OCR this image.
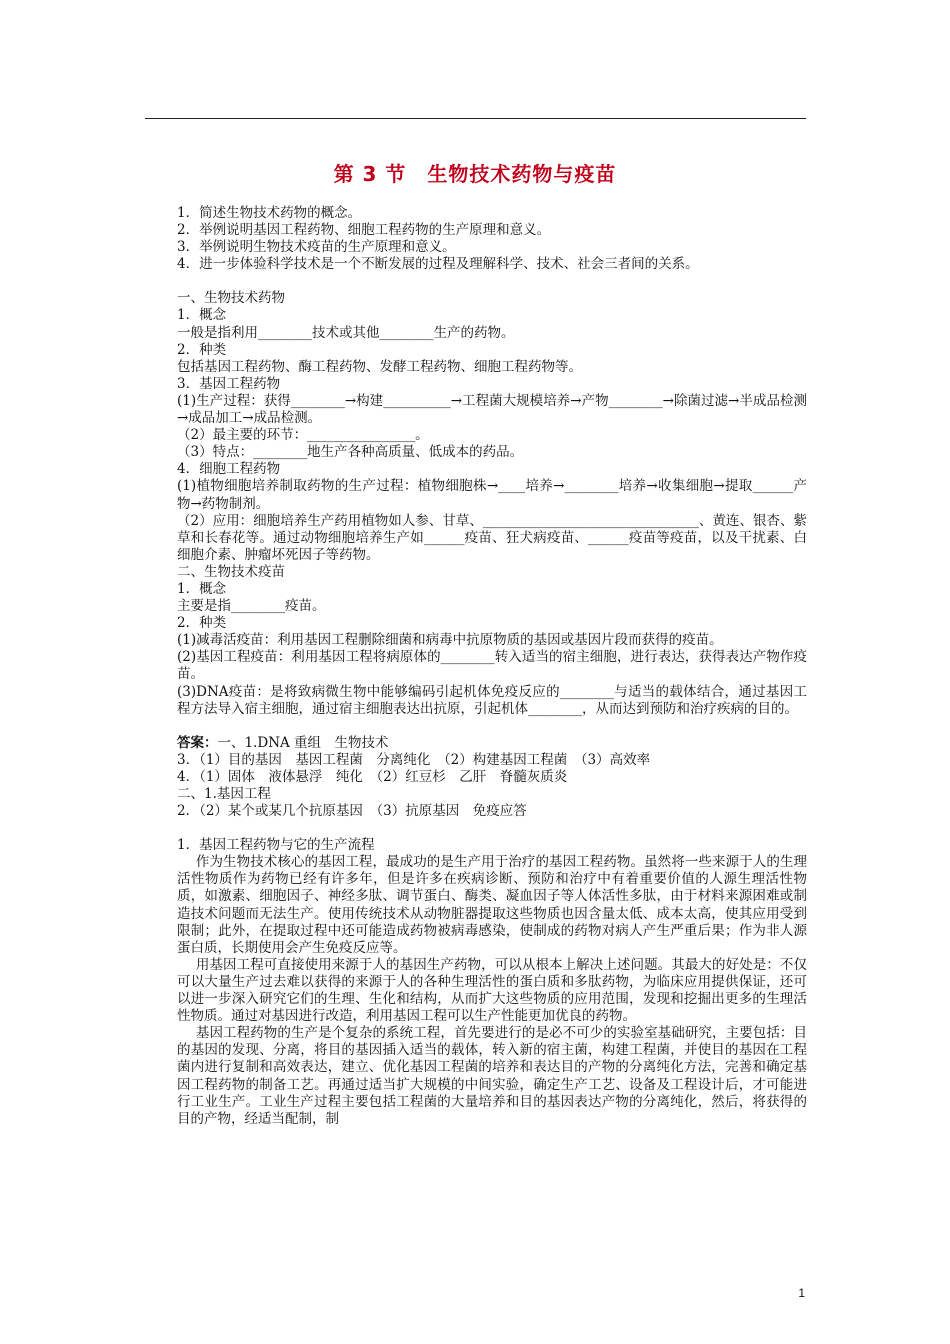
第 3 节　生物技术药物与疫苗

1．简述生物技术药物的概念。

2．举例说明基因工程药物、细胞工程药物的生产原理和意义。

3．举例说明生物技术疫苗的生产原理和意义。

4．进一步体验科学技术是一个不断发展的过程及理解科学、技术、社会三者间的关系。

一、生物技术药物

1．概念

一般是指利用________技术或其他________生产的药物。

2．种类

包括基因工程药物、酶工程药物、发酵工程药物、细胞工程药物等。

3．基因工程药物

(1)生产过程：获得________→构建__________→工程菌大规模培养→产物________→除菌过滤→半成品检测→成品加工→成品检测。

（2）最主要的环节：________________。

（3）特点：________地生产各种高质量、低成本的药品。

4．细胞工程药物

(1)植物细胞培养制取药物的生产过程：植物细胞株→____培养→________培养→收集细胞→提取______产物→药物制剂。

（2）应用：细胞培养生产药用植物如人参、甘草、________________________________、黄连、银杏、紫草和长春花等。通过动物细胞培养生产如______疫苗、狂犬病疫苗、______疫苗等疫苗，以及干扰素、白细胞介素、肿瘤坏死因子等药物。

二、生物技术疫苗

1．概念

主要是指________疫苗。

2．种类

(1)减毒活疫苗：利用基因工程删除细菌和病毒中抗原物质的基因或基因片段而获得的疫苗。

(2)基因工程疫苗：利用基因工程将病原体的________转入适当的宿主细胞，进行表达，获得表达产物作疫苗。

(3)DNA疫苗：是将致病微生物中能够编码引起机体免疫反应的________与适当的载体结合，通过基因工程方法导入宿主细胞，通过宿主细胞表达出抗原，引起机体________，从而达到预防和治疗疾病的目的。

答案：一、1.DNA 重组　生物技术

3．（1）目的基因　基因工程菌　分离纯化　（2）构建基因工程菌　（3）高效率

4．（1）固体　液体悬浮　纯化　（2）红豆杉　乙肝　脊髓灰质炎

二、1.基因工程

2．（2）某个或某几个抗原基因　（3）抗原基因　免疫应答

1．基因工程药物与它的生产流程

作为生物技术核心的基因工程，最成功的是生产用于治疗的基因工程药物。虽然将一些来源于人的生理活性物质作为药物已经有许多年，但是许多在疾病诊断、预防和治疗中有着重要价值的人源生理活性物质，如激素、细胞因子、神经多肽、调节蛋白、酶类、凝血因子等人体活性多肽，由于材料来源困难或制造技术问题而无法生产。使用传统技术从动物脏器提取这些物质也因含量太低、成本太高，使其应用受到限制；此外，在提取过程中还可能造成药物被病毒感染，使制成的药物对病人产生严重后果；作为非人源蛋白质，长期使用会产生免疫反应等。

用基因工程可直接使用来源于人的基因生产药物，可以从根本上解决上述问题。其最大的好处是：不仅可以大量生产过去难以获得的来源于人的各种生理活性的蛋白质和多肽药物，为临床应用提供保证，还可以进一步深入研究它们的生理、生化和结构，从而扩大这些物质的应用范围，发现和挖掘出更多的生理活性物质。通过对基因进行改造，利用基因工程可以生产性能更加优良的药物。

基因工程药物的生产是个复杂的系统工程，首先要进行的是必不可少的实验室基础研究，主要包括：目的基因的发现、分离，将目的基因插入适当的载体，转入新的宿主菌，构建工程菌，并使目的基因在工程菌内进行复制和高效表达，建立、优化基因工程菌的培养和表达目的产物的分离纯化方法，完善和确定基因工程药物的制备工艺。再通过适当扩大规模的中间实验，确定生产工艺、设备及工程设计后，才可能进行工业生产。工业生产过程主要包括工程菌的大量培养和目的基因表达产物的分离纯化，然后，将获得的目的产物，经适当配制，制

1
